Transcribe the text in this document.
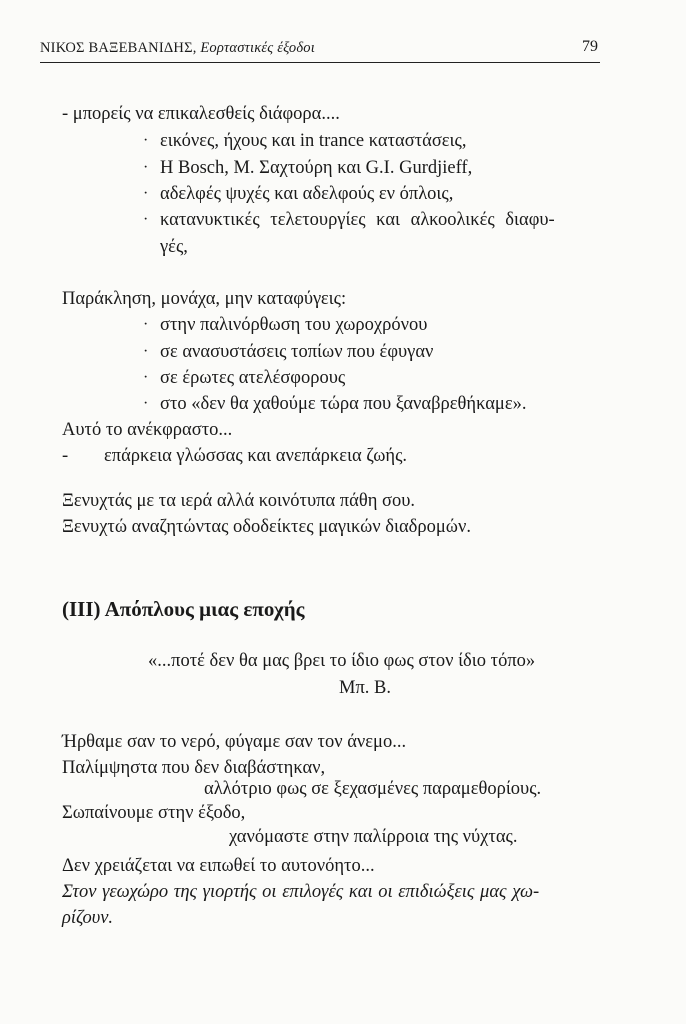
ΝΙΚΟΣ ΒΑΞΕΒΑΝΙΔΗΣ, Εορταστικές έξοδοι	79
- μπορείς να επικαλεσθείς διάφορα....
· εικόνες, ήχους και in trance καταστάσεις,
· Η Bosch, Μ. Σαχτούρη και G.I. Gurdjieff,
· αδελφές ψυχές και αδελφούς εν όπλοις,
· κατανυκτικές τελετουργίες και αλκοολικές διαφυ-
γές,
Παράκληση, μονάχα, μην καταφύγεις:
· στην παλινόρθωση του χωροχρόνου
· σε ανασυστάσεις τοπίων που έφυγαν
· σε έρωτες ατελέσφορους
· στο «δεν θα χαθούμε τώρα που ξαναβρεθήκαμε».
Αυτό το ανέκφραστο...
- επάρκεια γλώσσας και ανεπάρκεια ζωής.
Ξενυχτάς με τα ιερά αλλά κοινότυπα πάθη σου.
Ξενυχτώ αναζητώντας οδοδείκτες μαγικών διαδρομών.
(ΙΙΙ) Απόπλους μιας εποχής
«...ποτέ δεν θα μας βρει το ίδιο φως στον ίδιο τόπο»
Μπ. Β.
Ήρθαμε σαν το νερό, φύγαμε σαν τον άνεμο...
Παλίμψηστα που δεν διαβάστηκαν,
αλλότριο φως σε ξεχασμένες παραμεθορίους.
Σωπαίνουμε στην έξοδο,
χανόμαστε στην παλίρροια της νύχτας.
Δεν χρειάζεται να ειπωθεί το αυτονόητο...
Στον γεωχώρο της γιορτής οι επιλογές και οι επιδιώξεις μας χω-
ρίζουν.
